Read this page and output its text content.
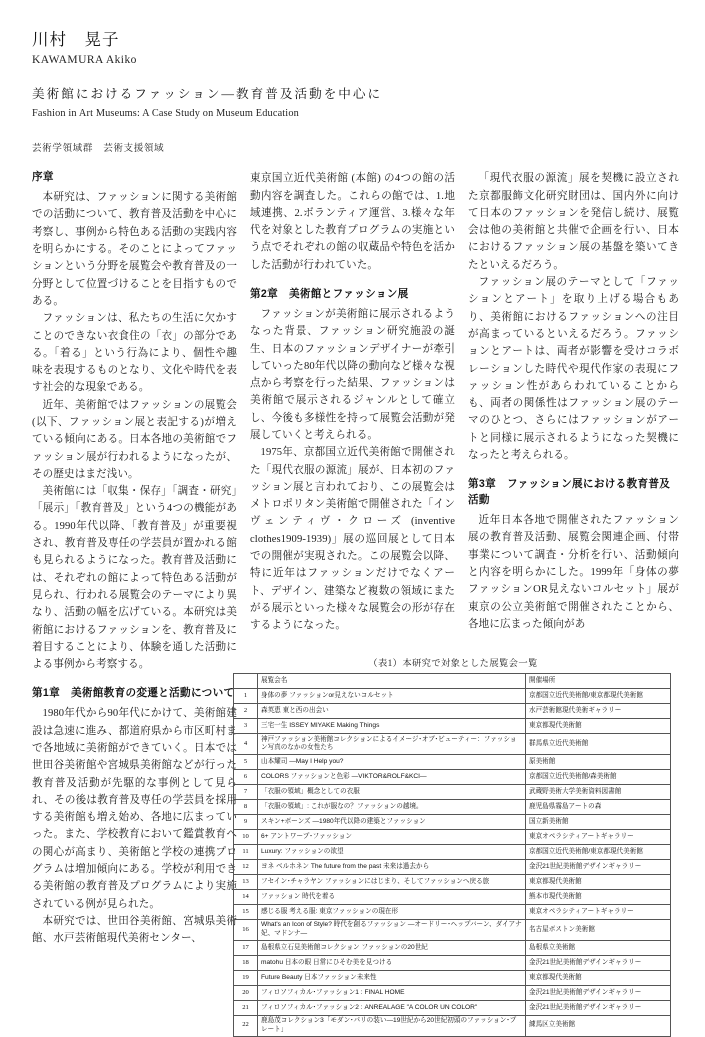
川村　晃子
KAWAMURA Akiko
美術館におけるファッション―教育普及活動を中心に
Fashion in Art Museums: A Case Study on Museum Education
芸術学領域群　芸術支援領域
序章

本研究は、ファッションに関する美術館での活動について、教育普及活動を中心に考察し、事例から特色ある活動の実践内容を明らかにする。そのことによってファッションという分野を展覧会や教育普及の一分野として位置づけることを目指すものである。

ファッションは、私たちの生活に欠かすことのできない衣食住の「衣」の部分である。「着る」という行為により、個性や趣味を表現するものとなり、文化や時代を表す社会的な現象である。

近年、美術館ではファッションの展覧会(以下、ファッション展と表記する)が増えている傾向にある。日本各地の美術館でファッション展が行われるようになったが、その歴史はまだ浅い。

美術館には「収集・保存」「調査・研究」「展示」「教育普及」という4つの機能がある。1990年代以降、「教育普及」が重要視され、教育普及専任の学芸員が置かれる館も見られるようになった。教育普及活動には、それぞれの館によって特色ある活動が見られ、行われる展覧会のテーマにより異なり、活動の幅を広げている。本研究は美術館におけるファッションを、教育普及に着目することにより、体験を通した活動による事例から考察する。

第1章　美術館教育の変遷と活動について

1980年代から90年代にかけて、美術館建設は急速に進み、都道府県から市区町村まで各地域に美術館ができていく。日本では世田谷美術館や宮城県美術館などが行った教育普及活動が先駆的な事例として見られ、その後は教育普及専任の学芸員を採用する美術館も増え始め、各地に広まっていった。また、学校教育において鑑賞教育への関心が高まり、美術館と学校の連携プログラムは増加傾向にある。学校が利用できる美術館の教育普及プログラムにより実施されている例が見られた。

本研究では、世田谷美術館、宮城県美術館、水戸芸術館現代美術センター、

東京国立近代美術館 (本館) の4つの館の活動内容を調査した。これらの館では、1.地域連携、2.ボランティア運営、3.様々な年代を対象とした教育プログラムの実施という点でそれぞれの館の収蔵品や特色を活かした活動が行われていた。

第2章　美術館とファッション展

ファッションが美術館に展示されるようなった背景、ファッション研究施設の誕生、日本のファッションデザイナーが牽引していった80年代以降の動向など様々な視点から考察を行った結果、ファッションは美術館で展示されるジャンルとして確立し、今後も多様性を持って展覧会活動が発展していくと考えられる。

1975年、京都国立近代美術館で開催された「現代衣服の源流」展が、日本初のファッション展と言われており、この展覧会はメトロポリタン美術館で開催された「インヴェンティヴ・クローズ (inventive clothes1909-1939)」展の巡回展として日本での開催が実現された。この展覧会以降、特に近年はファッションだけでなくアート、デザイン、建築など複数の領域にまたがる展示といった様々な展覧会の形が存在するようになった。

「現代衣服の源流」展を契機に設立された京都服飾文化研究財団は、国内外に向けて日本のファッションを発信し続け、展覧会は他の美術館と共催で企画を行い、日本におけるファッション展の基盤を築いてきたといえるだろう。

ファッション展のテーマとして「ファッションとアート」を取り上げる場合もあり、美術館におけるファッションへの注目が高まっているといえるだろう。ファッションとアートは、両者が影響を受けコラボレーションした時代や現代作家の表現にファッション性があらわれていることからも、両者の関係性はファッション展のテーマのひとつ、さらにはファッションがアートと同様に展示されるようになった契機になったと考えられる。

第3章　ファッション展における教育普及活動

近年日本各地で開催されたファッション展の教育普及活動、展覧会関連企画、付帯事業について調査・分析を行い、活動傾向と内容を明らかにした。1999年「身体の夢　ファッションOR見えないコルセット」展が東京の公立美術館で開催されたことから、各地に広まった傾向があ

（表1）本研究で対象とした展覧会一覧
	展覧会名	開催場所
1	身体の夢 ファッションor見えないコルセット	京都国立近代美術館/東京都現代美術館
2	森英恵 東と西の出会い	水戸芸術館現代美術ギャラリー
3	三宅一生 ISSEY MIYAKE Making Things	東京都現代美術館
4	神戸ファッション美術館コレクションによるイメージ･オブ･ビューティー：ファッション写真のなかの女性たち	群馬県立近代美術館
5	山本耀司 ―May I Help you?	原美術館
6	COLORS ファッションと色彩 ―VIKTOR&ROLF&KCI―	京都国立近代美術館/森美術館
7	「衣服の領域」概念としての衣服	武蔵野美術大学美術資料図書館
8	「衣服の領域」: これが服なの？ファッションの越境。	鹿児島県霧島アートの森
9	スキン+ボーンズ ―1980年代以降の建築とファッション	国立新美術館
10	6+ アントワープ･ファッション	東京オペラシティアートギャラリー
11	Luxury: ファッションの欲望	京都国立近代美術館/東京都現代美術館
12	ヨネ ベルホネン The future from the past 未来は過去から	金沢21世紀美術館デザインギャラリー
13	フセイン･チャラヤン ファッションにはじまり、そしてファッションへ戻る旅	東京都現代美術館
14	ファッション 時代を着る	熊本市現代美術館
15	感じる服 考える服: 東京ファッションの現在形	東京オペラシティアートギャラリー
16	What's an Icon of Style? 時代を創るファッション ―オードリー･ヘップバーン、ダイアナ妃、マドンナ―	名古屋ボストン美術館
17	島根県立石見美術館コレクション ファッションの20世紀	島根県立美術館
18	matohu 日本の眼 日常にひそむ美を見つける	金沢21世紀美術館デザインギャラリー
19	Future Beauty 日本ファッション未来性	東京都現代美術館
20	フィロソフィカル･ファッション1 : FINAL HOME	金沢21世紀美術館デザインギャラリー
21	フィロソフィカル･ファッション2 : ANREALAGE "A COLOR UN COLOR"	金沢21世紀美術館デザインギャラリー
22	鹿島茂コレクション3「モダン･パリの装い―19世紀から20世紀初頭のファッション･プレート」	練馬区立美術館
